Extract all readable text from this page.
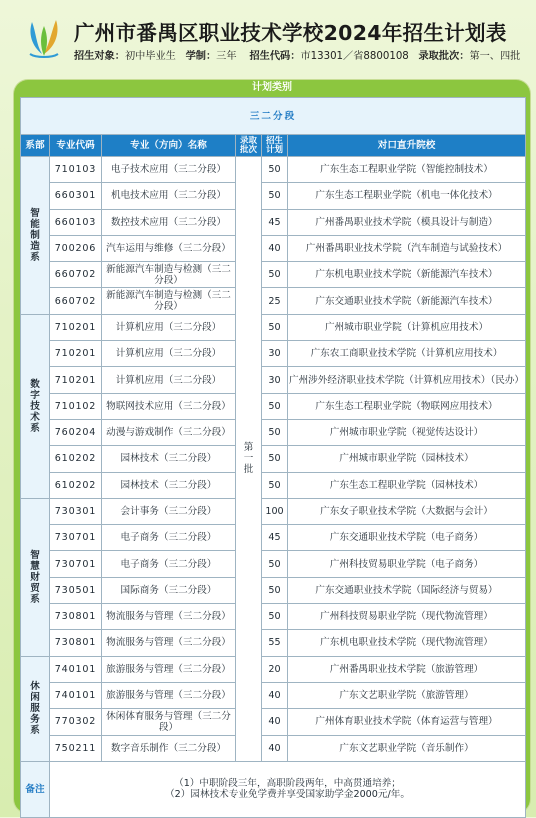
广州市番禺区职业技术学校2024年招生计划表
招生对象：初中毕业生 学制：三年 招生代码：市13301／省8800108 录取批次：第一、四批
计划类别
三二分段					
系部	专业代码	专业（方向）名称	录取批次	招生计划	对口直升院校
智能制造系	710103	电子技术应用（三二分段）	第一批	50	广东生态工程职业学院（智能控制技术）
	660301	机电技术应用（三二分段）		50	广东生态工程职业学院（机电一体化技术）
	660103	数控技术应用（三二分段）		45	广州番禺职业技术学院（模具设计与制造）
	700206	汽车运用与维修（三二分段）		40	广州番禺职业技术学院（汽车制造与试验技术）
	660702	新能源汽车制造与检测（三二分段）		50	广东机电职业技术学院（新能源汽车技术）
	660702	新能源汽车制造与检测（三二分段）		25	广东交通职业技术学院（新能源汽车技术）
数字技术系	710201	计算机应用（三二分段）		50	广州城市职业学院（计算机应用技术）
	710201	计算机应用（三二分段）		30	广东农工商职业技术学院（计算机应用技术）
	710201	计算机应用（三二分段）		30	广州涉外经济职业技术学院（计算机应用技术）（民办）
	710102	物联网技术应用（三二分段）		50	广东生态工程职业学院（物联网应用技术）
	760204	动漫与游戏制作（三二分段）		50	广州城市职业学院（视觉传达设计）
	610202	园林技术（三二分段）		50	广州城市职业学院（园林技术）
	610202	园林技术（三二分段）		50	广东生态工程职业学院（园林技术）
智慧财贸系	730301	会计事务（三二分段）		100	广东女子职业技术学院（大数据与会计）
	730701	电子商务（三二分段）		45	广东交通职业技术学院（电子商务）
	730701	电子商务（三二分段）		50	广州科技贸易职业学院（电子商务）
	730501	国际商务（三二分段）		50	广东交通职业技术学院（国际经济与贸易）
	730801	物流服务与管理（三二分段）		50	广州科技贸易职业学院（现代物流管理）
	730801	物流服务与管理（三二分段）		55	广东机电职业技术学院（现代物流管理）
休闲服务系	740101	旅游服务与管理（三二分段）		20	广州番禺职业技术学院（旅游管理）
	740101	旅游服务与管理（三二分段）		40	广东文艺职业学院（旅游管理）
	770302	休闲体育服务与管理（三二分段）		40	广州体育职业技术学院（体育运营与管理）
	750211	数字音乐制作（三二分段）		40	广东文艺职业学院（音乐制作）
备注	（1）中职阶段三年，高职阶段两年，中高贯通培养；
（2）园林技术专业免学费并享受国家助学金2000元/年。				
